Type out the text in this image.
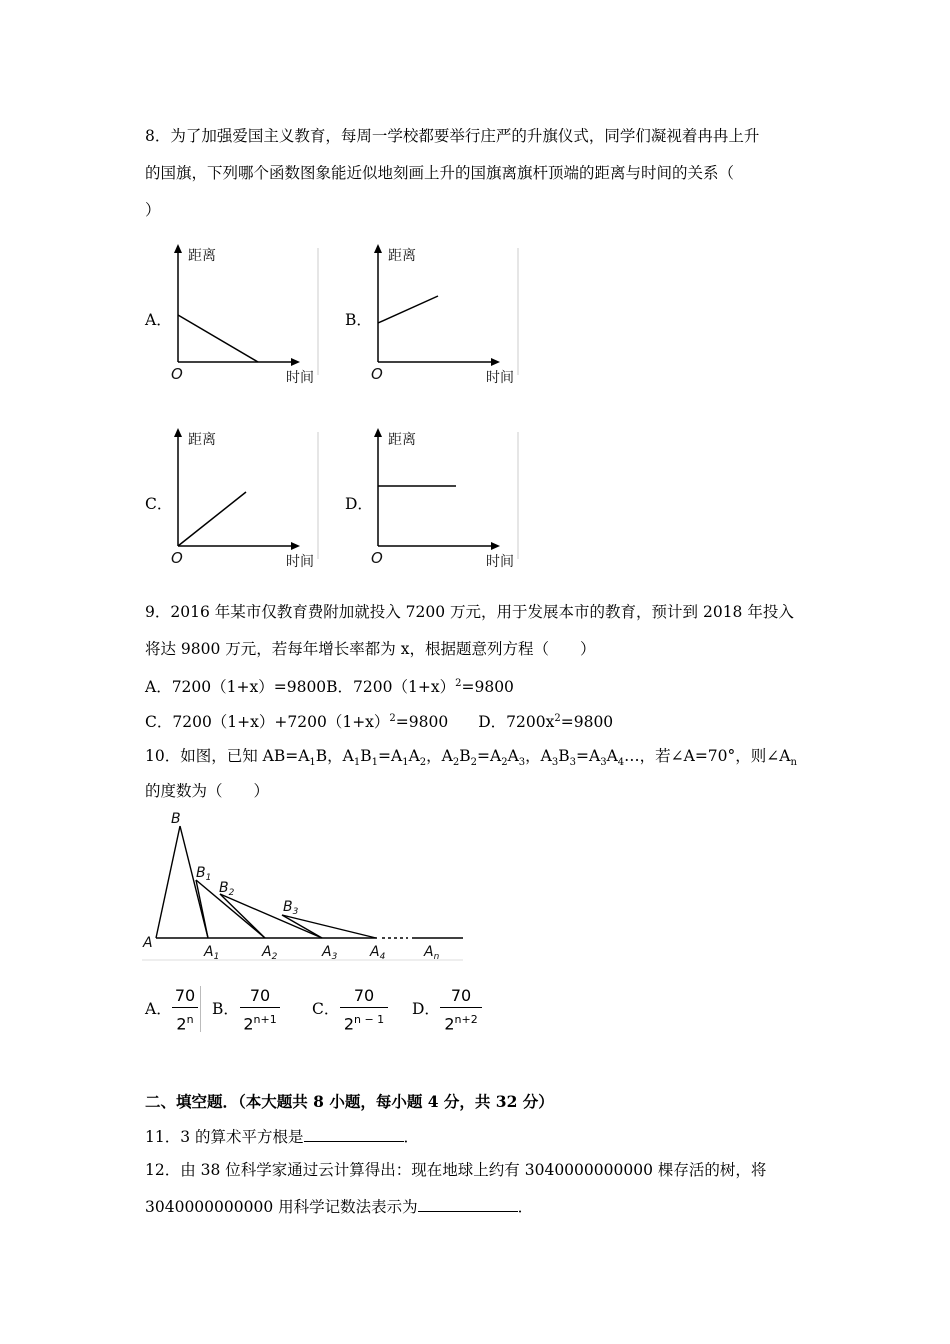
8．为了加强爱国主义教育，每周一学校都要举行庄严的升旗仪式，同学们凝视着冉冉上升
的国旗，下列哪个函数图象能近似地刻画上升的国旗离旗杆顶端的距离与时间的关系（
）
A．
距离
O	时间
B．
距离
O	时间
C．
距离
O	时间
D．
距离
O	时间
9．2016 年某市仅教育费附加就投入 7200 万元，用于发展本市的教育，预计到 2018 年投入
将达 9800 万元，若每年增长率都为 x，根据题意列方程（　　）
A．7200（1+x）=9800B．$7200(1+x)^2=9800$
C．$7200(1+x)+7200(1+x)^2=9800$ D．$7200x^2=9800$
10．如图，已知 $AB=A_1B$，$A_1B_1=A_1A_2$，$A_2B_2=A_2A_3$，$A_3B_3=A_3A_4\dots$，若∠A=70°，则$\angle A_n$
的度数为（　　）
B
$B_1$
$B_2$
$B_3$
A
$A_1$	$A_2$	$A_3$ $A_4$	$A_n$
A．
70
2$^n$
B．
70
$2^{n+1}$
C．
70
$2^{n - 1}$
D．
70
$2^{n+2}$
二、填空题．（本大题共 8 小题，每小题 4 分，共 32 分）
11．3 的算术平方根是	．
12．由 38 位科学家通过云计算得出：现在地球上约有 3040000000000 棵存活的树，将
3040000000000 用科学记数法表示为	．
